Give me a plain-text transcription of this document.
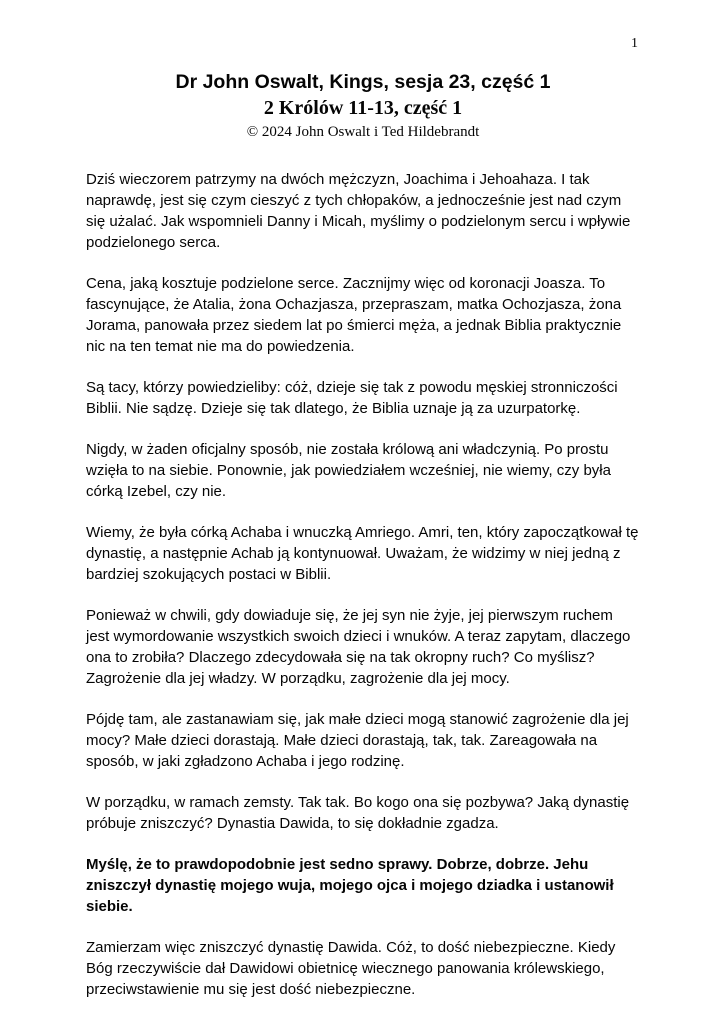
1
Dr John Oswalt, Kings, sesja 23, część 1
2 Królów 11-13, część 1
© 2024 John Oswalt i Ted Hildebrandt

Dziś wieczorem patrzymy na dwóch mężczyzn, Joachima i Jehoahaza. I tak naprawdę, jest się czym cieszyć z tych chłopaków, a jednocześnie jest nad czym się użalać. Jak wspomnieli Danny i Micah, myślimy o podzielonym sercu i wpływie podzielonego serca.

Cena, jaką kosztuje podzielone serce. Zacznijmy więc od koronacji Joasza. To fascynujące, że Atalia, żona Ochazjasza, przepraszam, matka Ochozjasza, żona Jorama, panowała przez siedem lat po śmierci męża, a jednak Biblia praktycznie nic na ten temat nie ma do powiedzenia.

Są tacy, którzy powiedzieliby: cóż, dzieje się tak z powodu męskiej stronniczości Biblii. Nie sądzę. Dzieje się tak dlatego, że Biblia uznaje ją za uzurpatorkę.

Nigdy, w żaden oficjalny sposób, nie została królową ani władczynią. Po prostu wzięła to na siebie. Ponownie, jak powiedziałem wcześniej, nie wiemy, czy była córką Izebel, czy nie.

Wiemy, że była córką Achaba i wnuczką Amriego. Amri, ten, który zapoczątkował tę dynastię, a następnie Achab ją kontynuował. Uważam, że widzimy w niej jedną z bardziej szokujących postaci w Biblii.

Ponieważ w chwili, gdy dowiaduje się, że jej syn nie żyje, jej pierwszym ruchem jest wymordowanie wszystkich swoich dzieci i wnuków. A teraz zapytam, dlaczego ona to zrobiła? Dlaczego zdecydowała się na tak okropny ruch? Co myślisz? Zagrożenie dla jej władzy. W porządku, zagrożenie dla jej mocy.

Pójdę tam, ale zastanawiam się, jak małe dzieci mogą stanowić zagrożenie dla jej mocy? Małe dzieci dorastają. Małe dzieci dorastają, tak, tak. Zareagowała na sposób, w jaki zgładzono Achaba i jego rodzinę.

W porządku, w ramach zemsty. Tak tak. Bo kogo ona się pozbywa? Jaką dynastię próbuje zniszczyć? Dynastia Dawida, to się dokładnie zgadza.

Myślę, że to prawdopodobnie jest sedno sprawy. Dobrze, dobrze. Jehu zniszczył dynastię mojego wuja, mojego ojca i mojego dziadka i ustanowił siebie.

Zamierzam więc zniszczyć dynastię Dawida. Cóż, to dość niebezpieczne. Kiedy Bóg rzeczywiście dał Dawidowi obietnicę wiecznego panowania królewskiego, przeciwstawienie mu się jest dość niebezpieczne.
